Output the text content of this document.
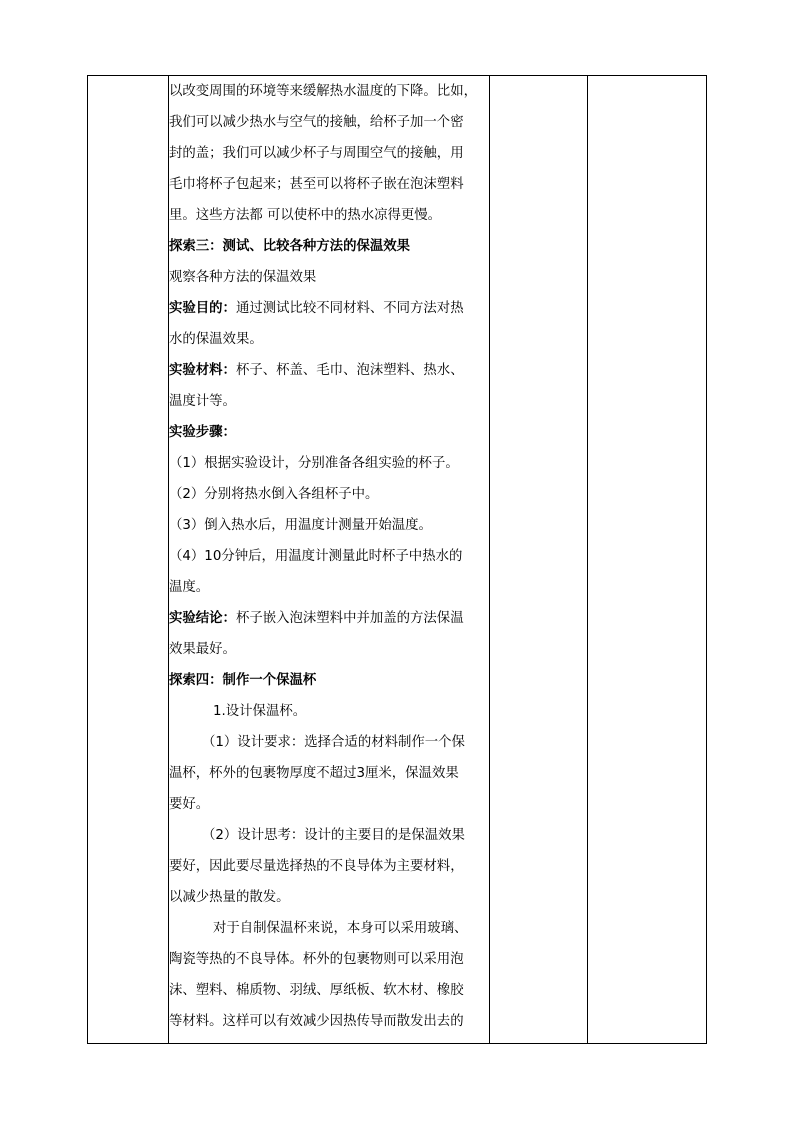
以改变周围的环境等来缓解热水温度的下降。比如，
我们可以减少热水与空气的接触，给杯子加一个密
封的盖；我们可以减少杯子与周围空气的接触，用
毛巾将杯子包起来；甚至可以将杯子嵌在泡沫塑料
里。这些方法都 可以使杯中的热水凉得更慢。
探索三：测试、比较各种方法的保温效果
观察各种方法的保温效果
实验目的：通过测试比较不同材料、不同方法对热
水的保温效果。
实验材料：杯子、杯盖、毛巾、泡沫塑料、热水、
温度计等。
实验步骤：
（1）根据实验设计，分别准备各组实验的杯子。
（2）分别将热水倒入各组杯子中。
（3）倒入热水后，用温度计测量开始温度。
（4）10分钟后，用温度计测量此时杯子中热水的
温度。
实验结论：杯子嵌入泡沫塑料中并加盖的方法保温
效果最好。
探索四：制作一个保温杯
1.设计保温杯。
（1）设计要求：选择合适的材料制作一个保
温杯，杯外的包裹物厚度不超过3厘米，保温效果
要好。
（2）设计思考：设计的主要目的是保温效果
要好，因此要尽量选择热的不良导体为主要材料，
以减少热量的散发。
对于自制保温杯来说，本身可以采用玻璃、
陶瓷等热的不良导体。杯外的包裹物则可以采用泡
沫、塑料、棉质物、羽绒、厚纸板、软木材、橡胶
等材料。这样可以有效减少因热传导而散发出去的
